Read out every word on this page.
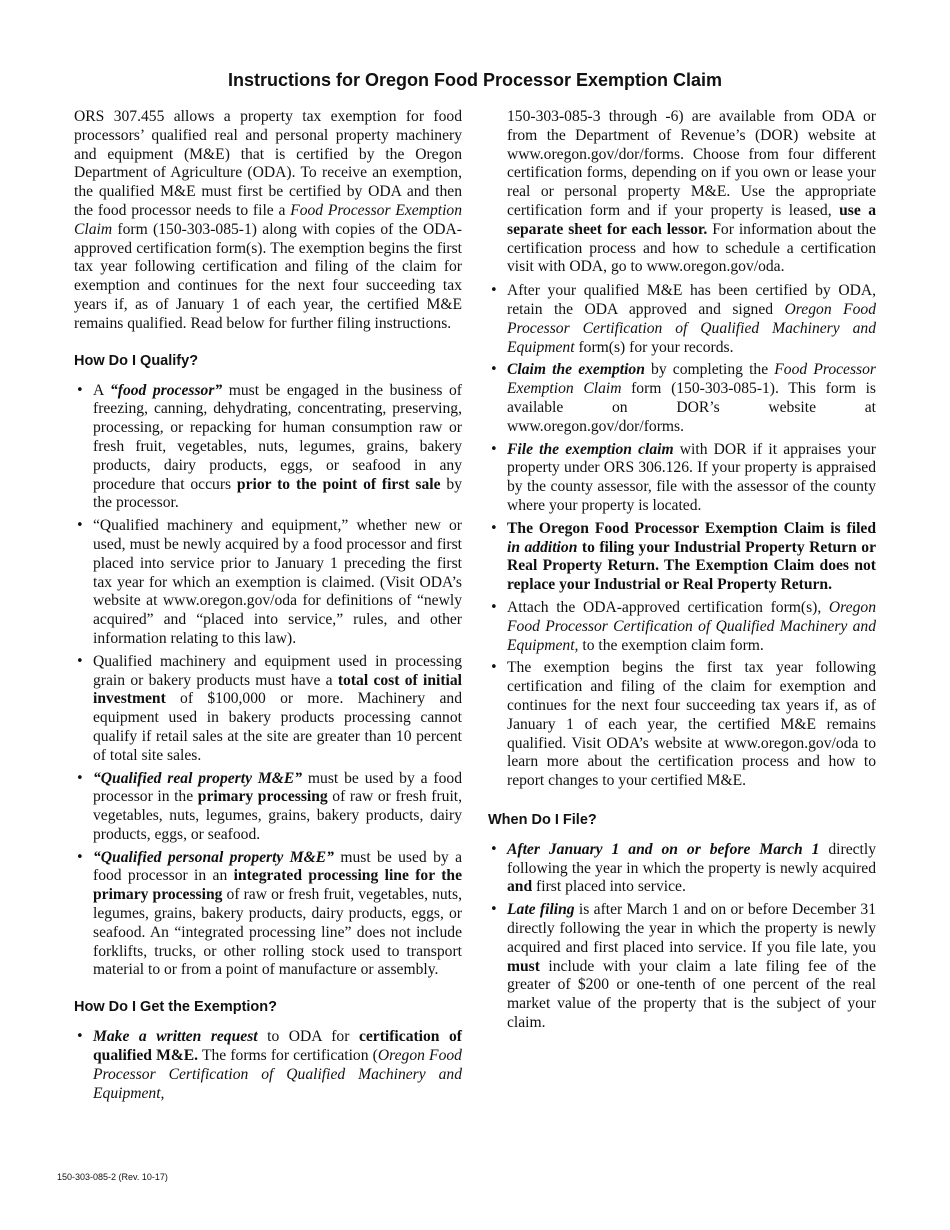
Instructions for Oregon Food Processor Exemption Claim

ORS 307.455 allows a property tax exemption for food processors’ qualified real and personal property machinery and equipment (M&E) that is certified by the Oregon Department of Agriculture (ODA). To receive an exemption, the qualified M&E must first be certified by ODA and then the food processor needs to file a Food Processor Exemption Claim form (150-303-085-1) along with copies of the ODA-approved certification form(s). The exemption begins the first tax year following certification and filing of the claim for exemption and continues for the next four succeeding tax years if, as of January 1 of each year, the certified M&E remains qualified. Read below for further filing instructions.

How Do I Qualify?
• A “food processor” must be engaged in the business of freezing, canning, dehydrating, concentrating, preserving, processing, or repacking for human consumption raw or fresh fruit, vegetables, nuts, legumes, grains, bakery products, dairy products, eggs, or seafood in any procedure that occurs prior to the point of first sale by the processor.
• “Qualified machinery and equipment,” whether new or used, must be newly acquired by a food processor and first placed into service prior to January 1 preceding the first tax year for which an exemption is claimed. (Visit ODA’s website at www.oregon.gov/oda for definitions of “newly acquired” and “placed into service,” rules, and other information relating to this law).
• Qualified machinery and equipment used in processing grain or bakery products must have a total cost of initial investment of $100,000 or more. Machinery and equipment used in bakery products processing cannot qualify if retail sales at the site are greater than 10 percent of total site sales.
• “Qualified real property M&E” must be used by a food processor in the primary processing of raw or fresh fruit, vegetables, nuts, legumes, grains, bakery products, dairy products, eggs, or seafood.
• “Qualified personal property M&E” must be used by a food processor in an integrated processing line for the primary processing of raw or fresh fruit, vegetables, nuts, legumes, grains, bakery products, dairy products, eggs, or seafood. An “integrated processing line” does not include forklifts, trucks, or other rolling stock used to transport material to or from a point of manufacture or assembly.
How Do I Get the Exemption?
• Make a written request to ODA for certification of qualified M&E. The forms for certification (Oregon Food Processor Certification of Qualified Machinery and Equipment,

150-303-085-3 through -6) are available from ODA or from the Department of Revenue’s (DOR) website at www.oregon.gov/dor/forms. Choose from four different certification forms, depending on if you own or lease your real or personal property M&E. Use the appropriate certification form and if your property is leased, use a separate sheet for each lessor. For information about the certification process and how to schedule a certification visit with ODA, go to www.oregon.gov/oda.

• After your qualified M&E has been certified by ODA, retain the ODA approved and signed Oregon Food Processor Certification of Qualified Machinery and Equipment form(s) for your records.
• Claim the exemption by completing the Food Processor Exemption Claim form (150-303-085-1). This form is available on DOR’s website at www.oregon.gov/dor/forms.
• File the exemption claim with DOR if it appraises your property under ORS 306.126. If your property is appraised by the county assessor, file with the assessor of the county where your property is located.
• The Oregon Food Processor Exemption Claim is filed in addition to filing your Industrial Property Return or Real Property Return. The Exemption Claim does not replace your Industrial or Real Property Return.
• Attach the ODA-approved certification form(s), Oregon Food Processor Certification of Qualified Machinery and Equipment, to the exemption claim form.
• The exemption begins the first tax year following certification and filing of the claim for exemption and continues for the next four succeeding tax years if, as of January 1 of each year, the certified M&E remains qualified. Visit ODA’s website at www.oregon.gov/oda to learn more about the certification process and how to report changes to your certified M&E.
When Do I File?
• After January 1 and on or before March 1 directly following the year in which the property is newly acquired and first placed into service.
• Late filing is after March 1 and on or before December 31 directly following the year in which the property is newly acquired and first placed into service. If you file late, you must include with your claim a late filing fee of the greater of $200 or one-tenth of one percent of the real market value of the property that is the subject of your claim.
150-303-085-2 (Rev. 10-17)
